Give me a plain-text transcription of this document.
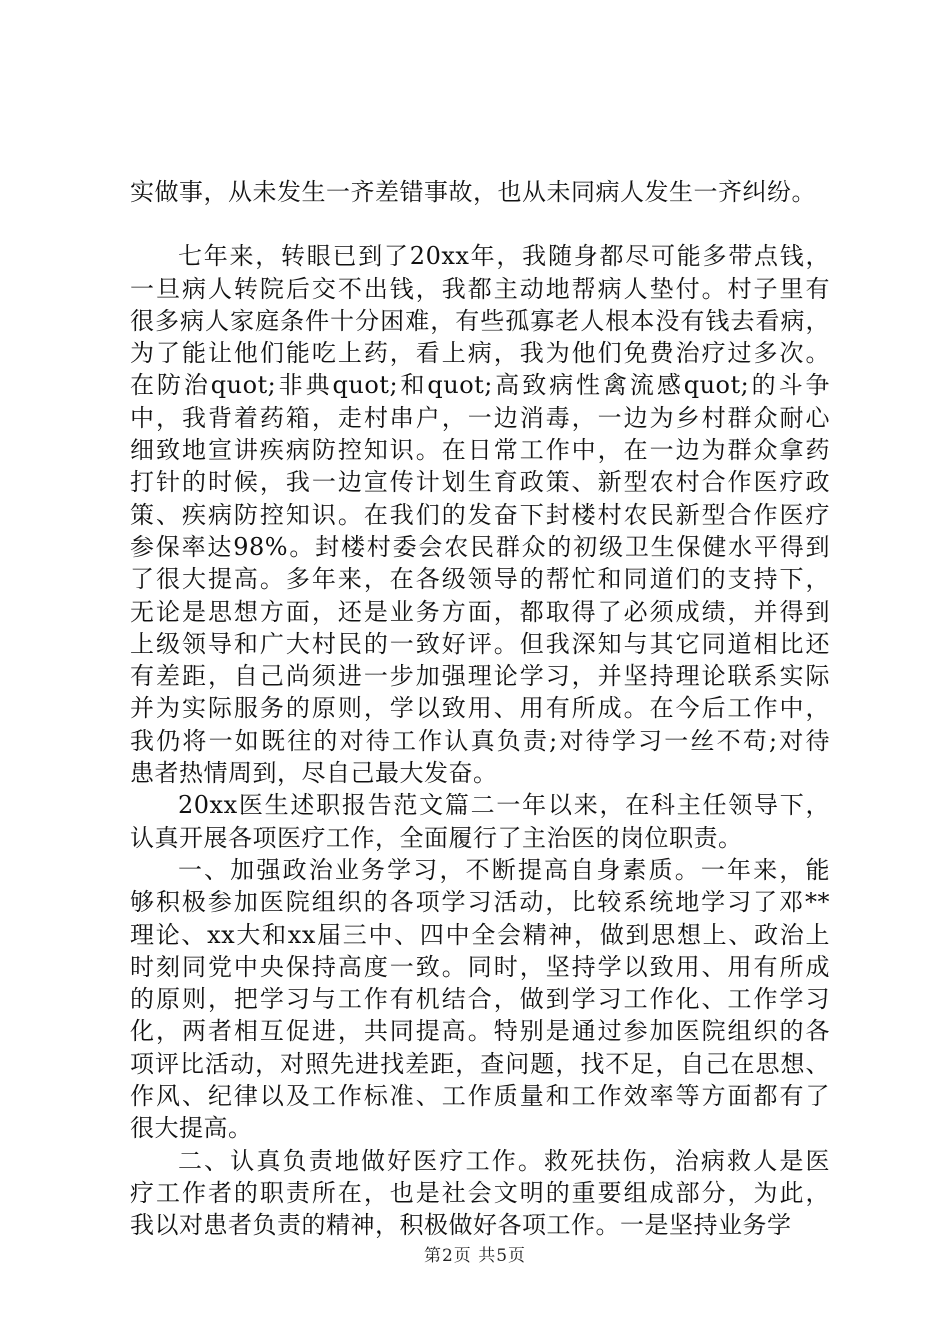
实做事，从未发生一齐差错事故，也从未同病人发生一齐纠纷。
七年来，转眼已到了20xx年，我随身都尽可能多带点钱，
一旦病人转院后交不出钱，我都主动地帮病人垫付。村子里有
很多病人家庭条件十分困难，有些孤寡老人根本没有钱去看病，
为了能让他们能吃上药，看上病，我为他们免费治疗过多次。
在防治quot;非典quot;和quot;高致病性禽流感quot;的斗争
中，我背着药箱，走村串户，一边消毒，一边为乡村群众耐心
细致地宣讲疾病防控知识。在日常工作中，在一边为群众拿药
打针的时候，我一边宣传计划生育政策、新型农村合作医疗政
策、疾病防控知识。在我们的发奋下封楼村农民新型合作医疗
参保率达98%。封楼村委会农民群众的初级卫生保健水平得到
了很大提高。多年来，在各级领导的帮忙和同道们的支持下，
无论是思想方面，还是业务方面，都取得了必须成绩，并得到
上级领导和广大村民的一致好评。但我深知与其它同道相比还
有差距，自己尚须进一步加强理论学习，并坚持理论联系实际
并为实际服务的原则，学以致用、用有所成。在今后工作中，
我仍将一如既往的对待工作认真负责;对待学习一丝不苟;对待
患者热情周到，尽自己最大发奋。
20xx医生述职报告范文篇二一年以来，在科主任领导下，
认真开展各项医疗工作，全面履行了主治医的岗位职责。
一、加强政治业务学习，不断提高自身素质。一年来，能
够积极参加医院组织的各项学习活动，比较系统地学习了邓**
理论、xx大和xx届三中、四中全会精神，做到思想上、政治上
时刻同党中央保持高度一致。同时，坚持学以致用、用有所成
的原则，把学习与工作有机结合，做到学习工作化、工作学习
化，两者相互促进，共同提高。特别是通过参加医院组织的各
项评比活动，对照先进找差距，查问题，找不足，自己在思想、
作风、纪律以及工作标准、工作质量和工作效率等方面都有了
很大提高。
二、认真负责地做好医疗工作。救死扶伤，治病救人是医
疗工作者的职责所在，也是社会文明的重要组成部分，为此，
我以对患者负责的精神，积极做好各项工作。一是坚持业务学
第2页 共5页
